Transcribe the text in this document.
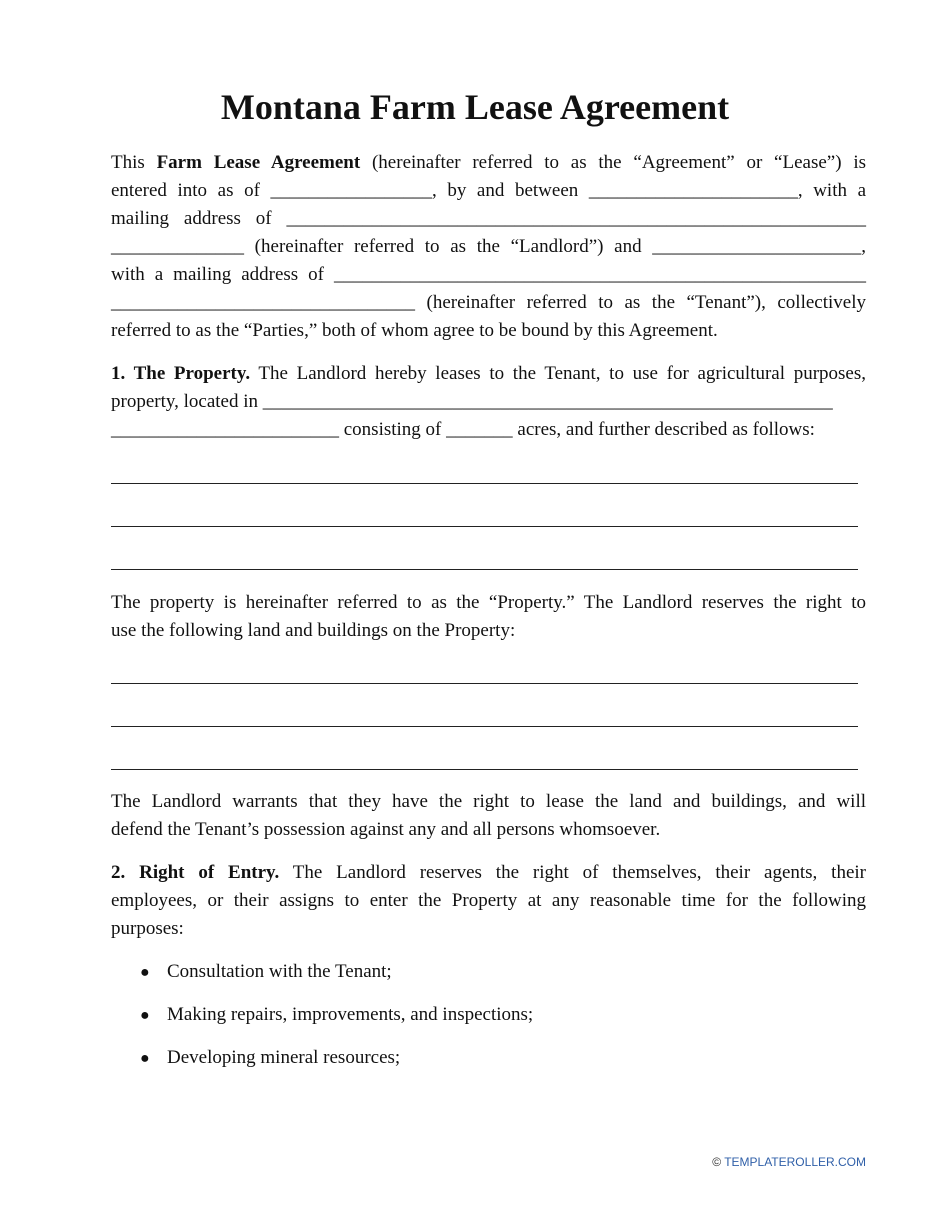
Montana Farm Lease Agreement
This Farm Lease Agreement (hereinafter referred to as the “Agreement” or “Lease”) is
entered into as of _________________, by and between ______________________, with a
mailing address of _____________________________________________________________
______________ (hereinafter referred to as the “Landlord”) and ______________________,
with a mailing address of ________________________________________________________
________________________________ (hereinafter referred to as the “Tenant”), collectively
referred to as the “Parties,” both of whom agree to be bound by this Agreement.
1. The Property. The Landlord hereby leases to the Tenant, to use for agricultural purposes,
property, located in ____________________________________________________________
________________________ consisting of _______ acres, and further described as follows:
The property is hereinafter referred to as the “Property.” The Landlord reserves the right to
use the following land and buildings on the Property:
The Landlord warrants that they have the right to lease the land and buildings, and will
defend the Tenant’s possession against any and all persons whomsoever.
2. Right of Entry. The Landlord reserves the right of themselves, their agents, their
employees, or their assigns to enter the Property at any reasonable time for the following
purposes:
● Consultation with the Tenant;
● Making repairs, improvements, and inspections;
● Developing mineral resources;
© TEMPLATEROLLER.COM
